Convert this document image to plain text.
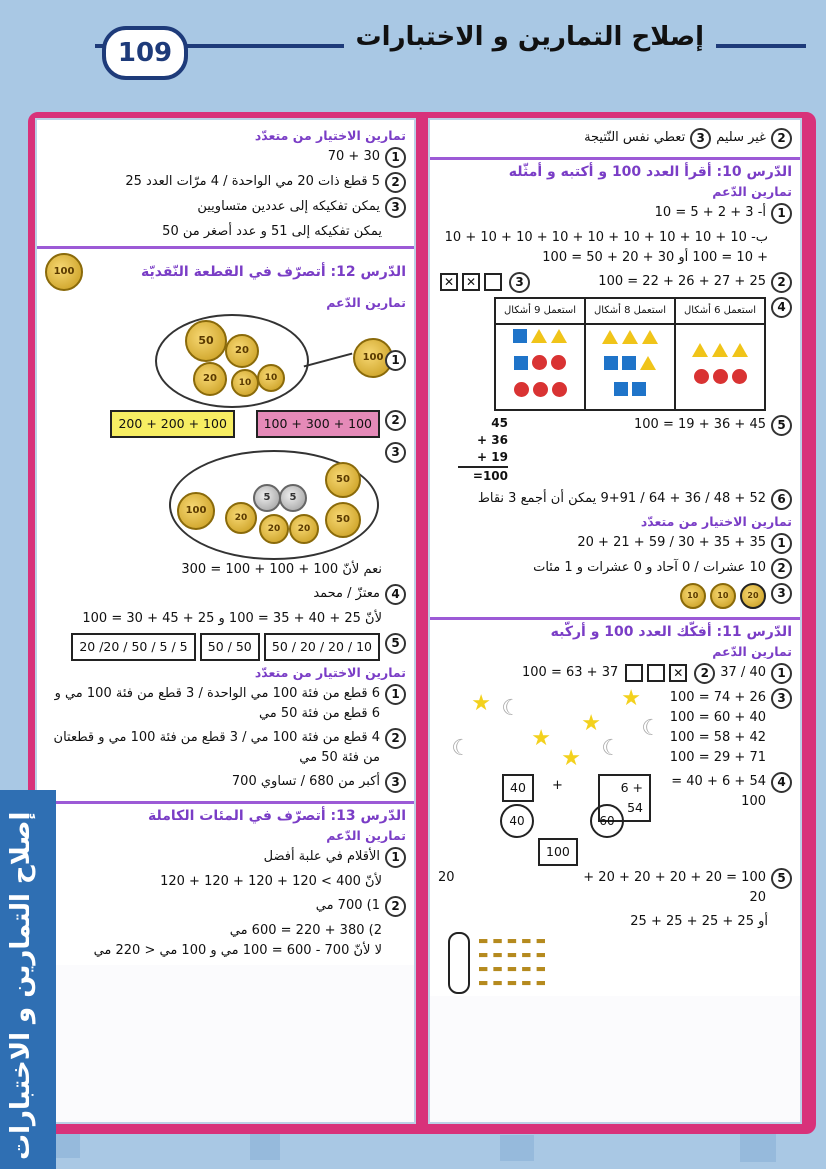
109
إصلاح التمارين و الاختبارات
تمارين الاختيار من متعدّد
1
30 + 70
2
5 قطع ذات 20 مي الواحدة / 4 مرّات العدد 25
3
يمكن تفكيكه إلى عددين متساويين
يمكن تفكيكه إلى 51 و عدد أصغر من 50
100	الدّرس 12: أتصرّف في القطعة النّقديّة
تمارين الدّعم
50
20
20	10	10
100 1
2
100 + 300 + 100     200 + 200 + 100
100
20
5	5
20	20
50
50
3
نعم لأنّ 100 + 100 + 100 = 300
4
معتزّ / محمد
لأنّ 25 + 40 + 35 = 100 و 25 + 45 + 30 = 100
5
50 / 20 / 20 / 10 50 / 50 20 /20 / 50 / 5 / 5
تمارين الاختيار من متعدّد
1
6 قطع من فئة 100 مي الواحدة / 3 قطع من فئة 100 مي و 6 قطع من فئة 50 مي
2
4 قطع من فئة 100 مي / 3 قطع من فئة 100 مي و قطعتان من فئة 50 مي
3
أكبر من 680 / تساوي 700
الدّرس 13: أتصرّف في المئات الكاملة
تمارين الدّعم
1
الأقلام في علبة أفضل
لأنّ 400 > 120 + 120 + 120 + 120
2
1) 700 مي
2) 380 + 220 = 600 مي
لا لأنّ 700 - 600 = 100 مي و 100 مي < 220 مي
2
غير سليم
3
تعطي نفس النّتيجة
الدّرس 10: أقرأ العدد 100 و أكتبه و أمثّله
تمارين الدّعم
1
أ- 3 + 2 + 5 = 10
ب- 10 + 10 + 10 + 10 + 10 + 10 + 10 + 10 + 10
+ 10 = 100 أو 30 + 20 + 50 = 100
2
25 + 27 + 26 + 22 = 100
3
✕ ✕
4
استعمل 6 أشكال	استعمل 8 أشكال	استعمل 9 أشكال

5
45 + 36 + 19 = 100
45
+ 36
+ 19
=100
6
52 + 48 / 36 + 64 / 9+91 يمكن أن أجمع 3 نقاط
تمارين الاختيار من متعدّد
1
35 + 35 + 30 / 59 + 21 + 20
2
10 عشرات / 0 آحاد و 0 عشرات و 1 مئات
3
20 10 10
الدّرس 11: أفكّك العدد 100 و أركّبه
تمارين الدّعم
1
40 / 37
2
✕
37 + 63 = 100
3
26 + 74 = 100
40 + 60 = 100
42 + 58 = 100
71 + 29 = 100
★
★
★
★
★
☾
☾
☾	☾
4
54 + 6 + 40 = 100
40	+	6 + 54
40	60
100
5
100 = 20 + 20 + 20 + 20 + 20
20
أو 25 + 25 + 25 + 25
▬▬▬▬▬
▬▬▬▬▬
▬▬▬▬▬
▬▬▬▬▬
إصلاح التمارين و الاختبارات
